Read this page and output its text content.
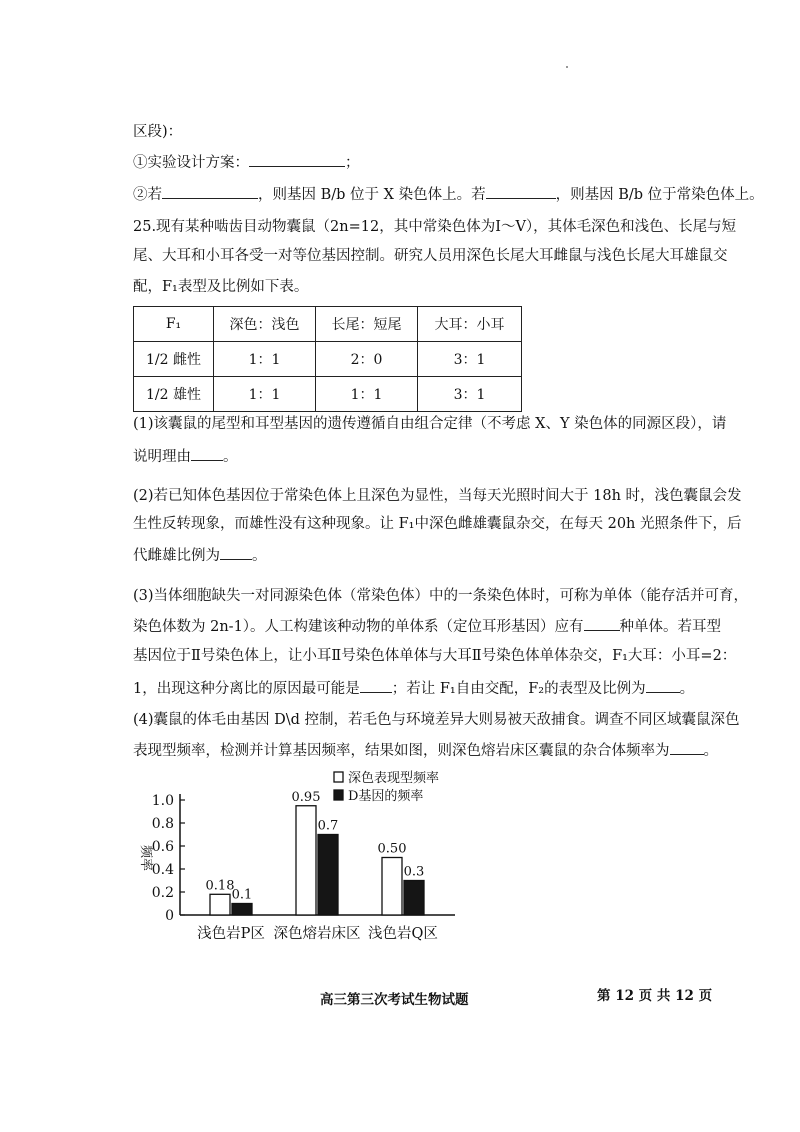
区段)：
①实验设计方案：	；
②若	，则基因 B/b 位于 X 染色体上。若	，则基因 B/b 位于常染色体上。
25.现有某种啮齿目动物囊鼠（2n=12，其中常染色体为Ⅰ～Ⅴ），其体毛深色和浅色、长尾与短
尾、大耳和小耳各受一对等位基因控制。研究人员用深色长尾大耳雌鼠与浅色长尾大耳雄鼠交
配，F₁表型及比例如下表。
F₁	深色：浅色	长尾：短尾	大耳：小耳
1/2 雌性	1：1	2：0	3：1
1/2 雄性	1：1	1：1	3：1
(1)该囊鼠的尾型和耳型基因的遗传遵循自由组合定律（不考虑 X、Y 染色体的同源区段），请
说明理由 。
(2)若已知体色基因位于常染色体上且深色为显性，当每天光照时间大于 18h 时，浅色囊鼠会发
生性反转现象，而雄性没有这种现象。让 F₁中深色雌雄囊鼠杂交，在每天 20h 光照条件下，后
代雌雄比例为 。
(3)当体细胞缺失一对同源染色体（常染色体）中的一条染色体时，可称为单体（能存活并可育，
染色体数为 2n-1）。人工构建该种动物的单体系（定位耳形基因）应有 种单体。若耳型
基因位于Ⅱ号染色体上，让小耳Ⅱ号染色体单体与大耳Ⅱ号染色体单体杂交，F₁大耳：小耳=2：
1，出现这种分离比的原因最可能是 ；若让 F₁自由交配，F₂的表型及比例为 。
(4)囊鼠的体毛由基因 D\d 控制，若毛色与环境差异大则易被天敌捕食。调查不同区域囊鼠深色
表现型频率，检测并计算基因频率，结果如图，则深色熔岩床区囊鼠的杂合体频率为 。
0
0.2
0.4
0.6
0.8
1.0
频率
0.18
0.1
浅色岩P区
0.95
0.7
深色熔岩床区
0.50
0.3
浅色岩Q区
深色表现型频率
D基因的频率
高三第三次考试生物试题	第 12 页 共 12 页
